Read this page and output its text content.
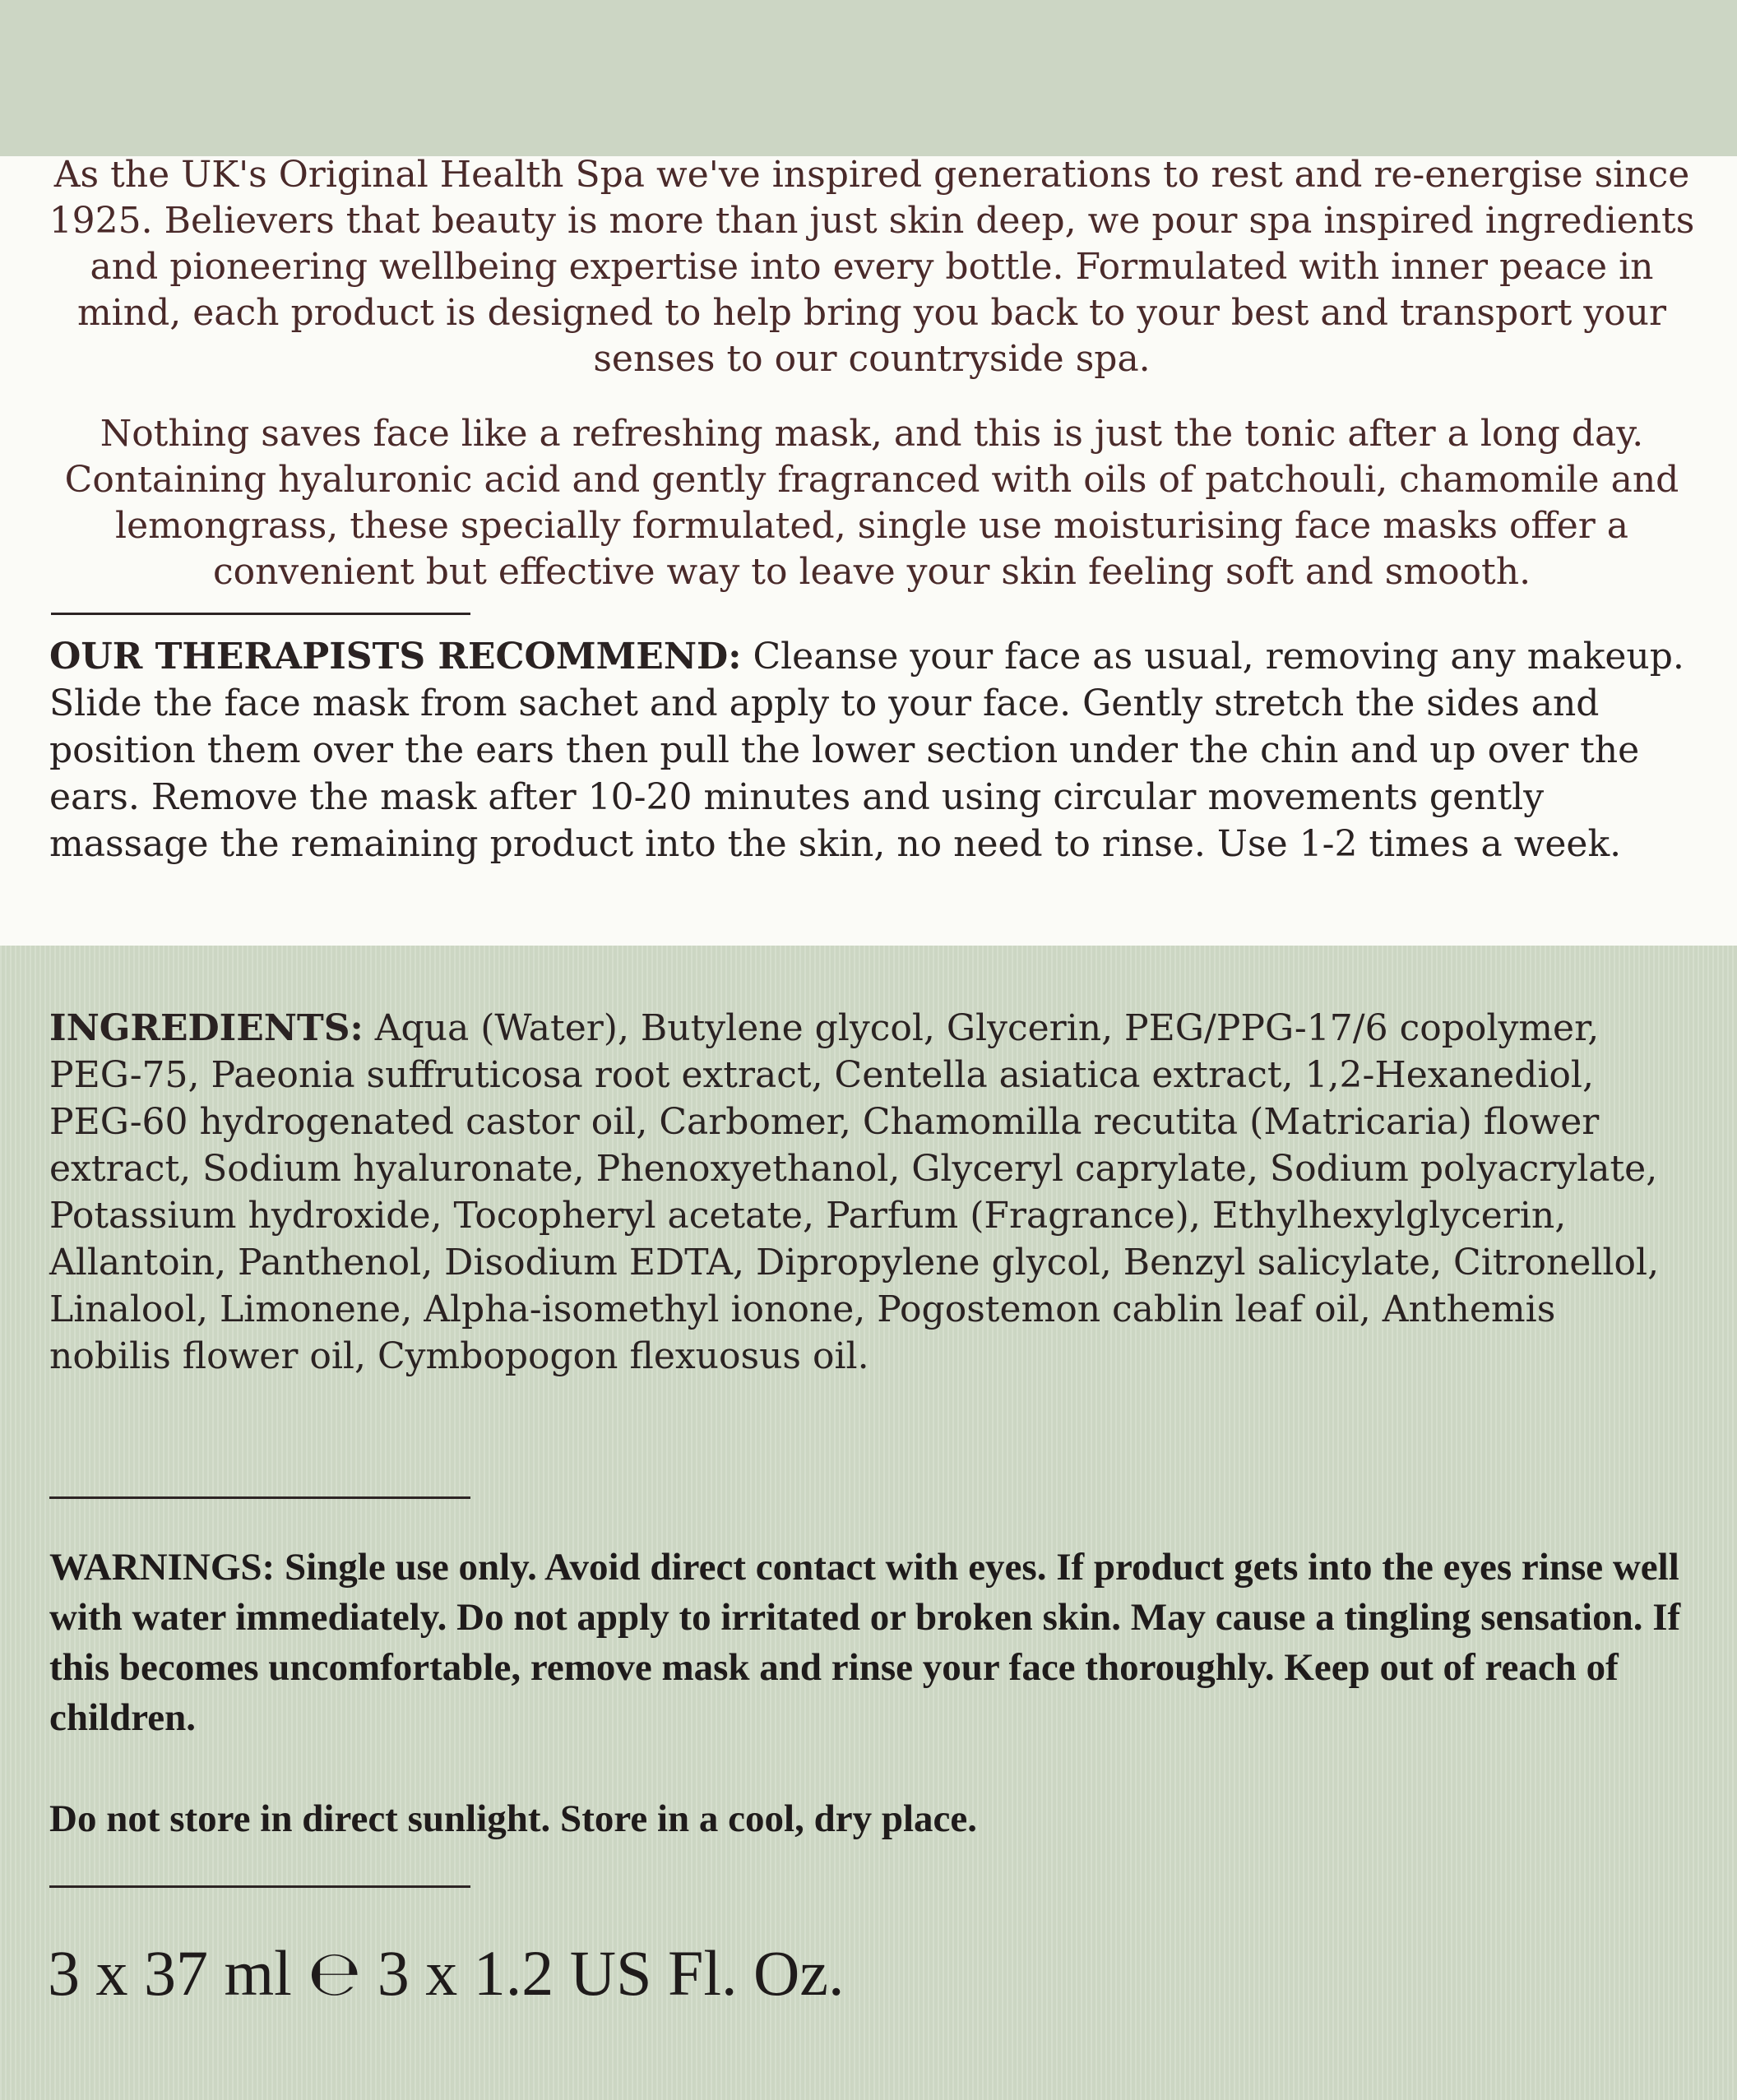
As the UK's Original Health Spa we've inspired generations to rest and re-energise since 1925. Believers that beauty is more than just skin deep, we pour spa inspired ingredients and pioneering wellbeing expertise into every bottle. Formulated with inner peace in mind, each product is designed to help bring you back to your best and transport your senses to our countryside spa.
Nothing saves face like a refreshing mask, and this is just the tonic after a long day. Containing hyaluronic acid and gently fragranced with oils of patchouli, chamomile and lemongrass, these specially formulated, single use moisturising face masks offer a convenient but effective way to leave your skin feeling soft and smooth.
OUR THERAPISTS RECOMMEND: Cleanse your face as usual, removing any makeup. Slide the face mask from sachet and apply to your face. Gently stretch the sides and position them over the ears then pull the lower section under the chin and up over the ears. Remove the mask after 10-20 minutes and using circular movements gently massage the remaining product into the skin, no need to rinse. Use 1-2 times a week.
INGREDIENTS: Aqua (Water), Butylene glycol, Glycerin, PEG/PPG-17/6 copolymer, PEG-75, Paeonia suffruticosa root extract, Centella asiatica extract, 1,2-Hexanediol, PEG-60 hydrogenated castor oil, Carbomer, Chamomilla recutita (Matricaria) flower extract, Sodium hyaluronate, Phenoxyethanol, Glyceryl caprylate, Sodium polyacrylate, Potassium hydroxide, Tocopheryl acetate, Parfum (Fragrance), Ethylhexylglycerin, Allantoin, Panthenol, Disodium EDTA, Dipropylene glycol, Benzyl salicylate, Citronellol, Linalool, Limonene, Alpha-isomethyl ionone, Pogostemon cablin leaf oil, Anthemis nobilis flower oil, Cymbopogon flexuosus oil.
WARNINGS: Single use only. Avoid direct contact with eyes. If product gets into the eyes rinse well with water immediately. Do not apply to irritated or broken skin. May cause a tingling sensation. If this becomes uncomfortable, remove mask and rinse your face thoroughly. Keep out of reach of children.
Do not store in direct sunlight. Store in a cool, dry place.
3 x 37 ml ℮ 3 x 1.2 US Fl. Oz.
